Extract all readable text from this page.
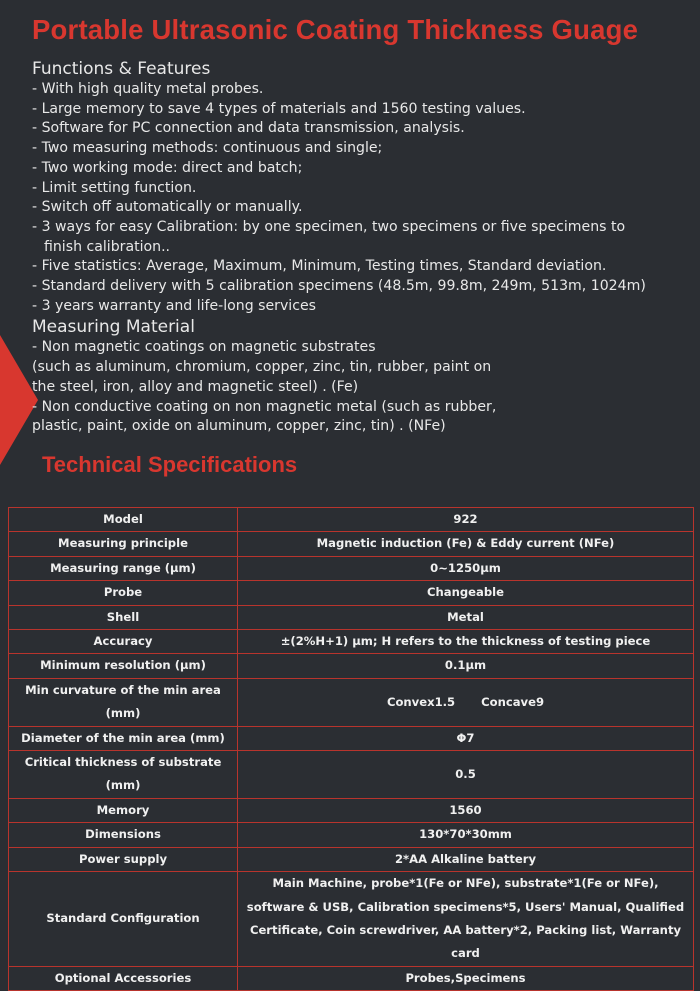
Portable Ultrasonic Coating Thickness Guage
Functions & Features
- With high quality metal probes.
- Large memory to save 4 types of materials and 1560 testing values.
- Software for PC connection and data transmission, analysis.
- Two measuring methods: continuous and single;
- Two working mode: direct and batch;
- Limit setting function.
- Switch off automatically or manually.
- 3 ways for easy Calibration: by one specimen, two specimens or five specimens to
finish calibration..
- Five statistics: Average, Maximum, Minimum, Testing times, Standard deviation.
- Standard delivery with 5 calibration specimens (48.5m, 99.8m, 249m, 513m, 1024m)
- 3 years warranty and life-long services
Measuring Material
- Non magnetic coatings on magnetic substrates
(such as aluminum, chromium, copper, zinc, tin, rubber, paint on
the steel, iron, alloy and magnetic steel) . (Fe)
- Non conductive coating on non magnetic metal (such as rubber,
plastic, paint, oxide on aluminum, copper, zinc, tin) . (NFe)
Technical Specifications
Model	922
Measuring principle	Magnetic induction (Fe) & Eddy current (NFe)
Measuring range (μm)	0~1250μm
Probe	Changeable
Shell	Metal
Accuracy	±(2%H+1) μm; H refers to the thickness of testing piece
Minimum resolution (μm)	0.1μm
Min curvature of the min area (mm)	Convex1.5 Concave9
Diameter of the min area (mm)	Φ7
Critical thickness of substrate (mm)	0.5
Memory	1560
Dimensions	130*70*30mm
Power supply	2*AA Alkaline battery
Standard Configuration	Main Machine, probe*1(Fe or NFe), substrate*1(Fe or NFe), software & USB, Calibration specimens*5, Users' Manual, Qualified Certificate, Coin screwdriver, AA battery*2, Packing list, Warranty card
Optional Accessories	Probes,Specimens
